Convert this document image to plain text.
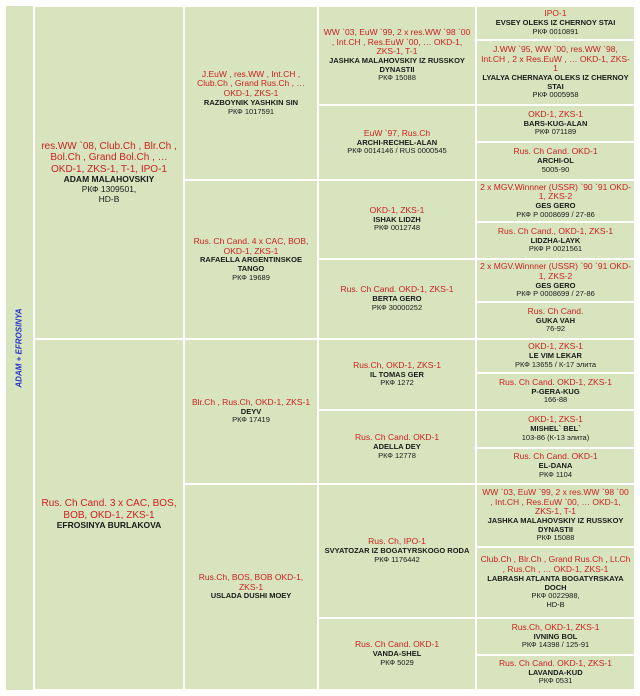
ADAM + EFROSINYA
res.WW `08, Club.Ch , Blr.Ch , Bol.Ch , Grand Bol.Ch , … OKD-1, ZKS-1, T-1, IPO-1
ADAM MALAHOVSKIY
РКФ 1309501,
HD-B
Rus. Ch Cand. 3 x CAC, BOS, BOB, OKD-1, ZKS-1
EFROSINYA BURLAKOVA
J.EuW , res.WW , Int.CH , Club.Ch , Grand Rus.Ch , … OKD-1, ZKS-1
RAZBOYNIK YASHKIN SIN
РКФ 1017591
Rus. Ch Cand. 4 x CAC, BOB, OKD-1, ZKS-1
RAFAELLA ARGENTINSKOE TANGO
РКФ 19689
Blr.Ch , Rus.Ch, OKD-1, ZKS-1
DEYV
РКФ 17419
Rus.Ch, BOS, BOB OKD-1, ZKS-1
USLADA DUSHI MOEY
WW `03, EuW `99, 2 x res.WW `98 `00 , Int.CH , Res.EuW `00, … OKD-1, ZKS-1, T-1
JASHKA MALAHOVSKIY IZ RUSSKOY DYNASTII
РКФ 15088
EuW `97, Rus.Ch
ARCHI-RECHEL-ALAN
РКФ 0014146 / RUS 0000545
OKD-1, ZKS-1
ISHAK LIDZH
РКФ 0012748
Rus. Ch Cand. OKD-1, ZKS-1
BERTA GERO
РКФ 30000252
Rus.Ch, OKD-1, ZKS-1
IL TOMAS GER
РКФ 1272
Rus. Ch Cand. OKD-1
ADELLA DEY
РКФ 12778
Rus. Ch, IPO-1
SVYATOZAR IZ BOGATYRSKOGO RODA
РКФ 1176442
Rus. Ch Cand. OKD-1
VANDA-SHEL
РКФ 5029
IPO-1
EVSEY OLEKS IZ CHERNOY STAI
РКФ 0010891
J.WW `95, WW `00, res.WW `98, Int.CH , 2 x Res.EuW , … OKD-1, ZKS-1
LYALYA CHERNAYA OLEKS IZ CHERNOY STAI
РКФ 0005958
OKD-1, ZKS-1
BARS-KUG-ALAN
РКФ 071189
Rus. Ch Cand. OKD-1
ARCHI-OL
5005-90
2 x MGV.Winnner (USSR) `90 `91 OKD-1, ZKS-2
GES GERO
РКФ Р 0008699 / 27-86
Rus. Ch Cand., OKD-1, ZKS-1
LIDZHA-LAYK
РКФ Р 0021561
2 x MGV.Winnner (USSR) `90 `91 OKD-1, ZKS-2
GES GERO
РКФ Р 0008699 / 27-86
Rus. Ch Cand.
GUKA VAH
76-92
OKD-1, ZKS-1
LE VIM LEKAR
РКФ 13655 / К-17 элита
Rus. Ch Cand. OKD-1, ZKS-1
P-GERA-KUG
166-88
OKD-1, ZKS-1
MISHEL` BEL`
103-86 (К-13 элита)
Rus. Ch Cand. OKD-1
EL-DANA
РКФ 1104
WW `03, EuW `99, 2 x res.WW `98 `00 , Int.CH , Res.EuW `00, … OKD-1, ZKS-1, T-1
JASHKA MALAHOVSKIY IZ RUSSKOY DYNASTII
РКФ 15088
Club.Ch , Blr.Ch , Grand Rus.Ch , Lt.Ch , Rus.Ch , … OKD-1, ZKS-1
LABRASH ATLANTA BOGATYRSKAYA DOCH
РКФ 0022988,
HD-B
Rus.Ch, OKD-1, ZKS-1
IVNING BOL
РКФ 14398 / 125-91
Rus. Ch Cand. OKD-1, ZKS-1
LAVANDA-KUD
РКФ 0531
